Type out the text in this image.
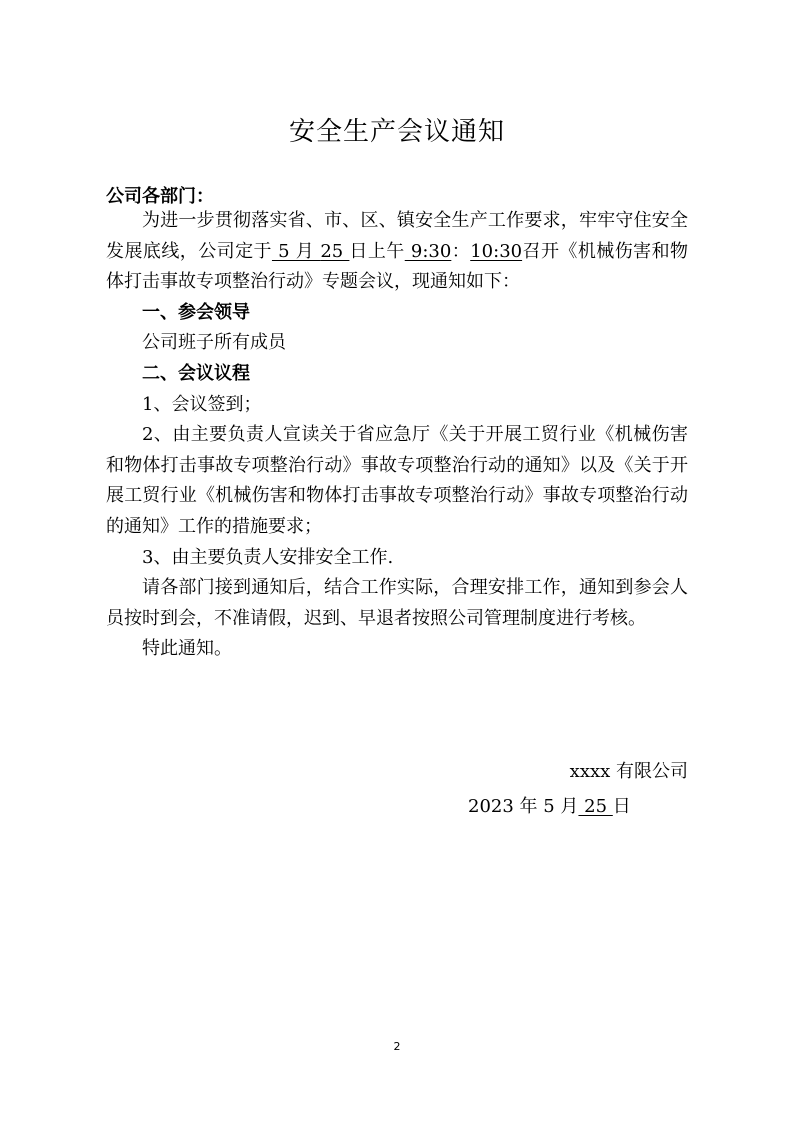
安全生产会议通知
公司各部门：

为进一步贯彻落实省、市、区、镇安全生产工作要求，牢牢守住安全发展底线，公司定于 5 月 25 日上午 9:30：10:30召开《机械伤害和物体打击事故专项整治行动》专题会议，现通知如下：

一、参会领导

公司班子所有成员

二、会议议程

1、会议签到；

2、由主要负责人宣读关于省应急厅《关于开展工贸行业《机械伤害和物体打击事故专项整治行动》事故专项整治行动的通知》以及《关于开展工贸行业《机械伤害和物体打击事故专项整治行动》事故专项整治行动的通知》工作的措施要求；

3、由主要负责人安排安全工作.

请各部门接到通知后，结合工作实际，合理安排工作，通知到参会人员按时到会，不准请假，迟到、早退者按照公司管理制度进行考核。

特此通知。

xxxx 有限公司
2023 年 5 月 25 日
2
